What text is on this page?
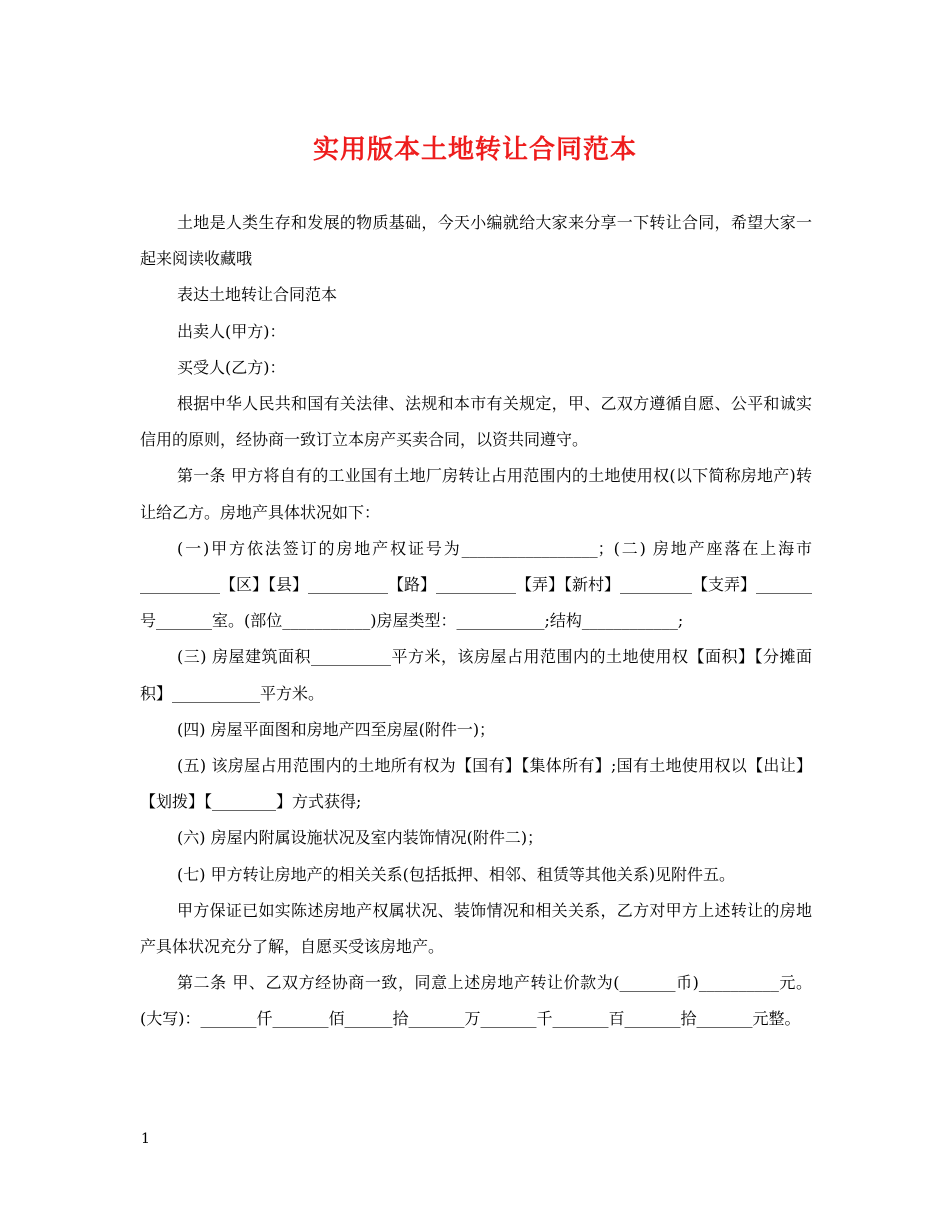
实用版本土地转让合同范本

土地是人类生存和发展的物质基础，今天小编就给大家来分享一下转让合同，希望大家一起来阅读收藏哦

表达土地转让合同范本

出卖人(甲方)：

买受人(乙方)：

根据中华人民共和国有关法律、法规和本市有关规定，甲、乙双方遵循自愿、公平和诚实信用的原则，经协商一致订立本房产买卖合同，以资共同遵守。

第一条 甲方将自有的工业国有土地厂房转让占用范围内的土地使用权(以下简称房地产)转让给乙方。房地产具体状况如下：

(一)甲方依法签订的房地产权证号为_________________；(二) 房地产座落在上海市__________【区】【县】__________【路】__________【弄】【新村】_________【支弄】_______号_______室。(部位___________)房屋类型：___________;结构____________;

(三) 房屋建筑面积__________平方米，该房屋占用范围内的土地使用权【面积】【分摊面积】___________平方米。

(四) 房屋平面图和房地产四至房屋(附件一)；

(五) 该房屋占用范围内的土地所有权为【国有】【集体所有】;国有土地使用权以【出让】【划拨】【________】方式获得;

(六) 房屋内附属设施状况及室内装饰情况(附件二)；

(七) 甲方转让房地产的相关关系(包括抵押、相邻、租赁等其他关系)见附件五。

甲方保证已如实陈述房地产权属状况、装饰情况和相关关系，乙方对甲方上述转让的房地产具体状况充分了解，自愿买受该房地产。

第二条 甲、乙双方经协商一致，同意上述房地产转让价款为(_______币)__________元。(大写)：_______仟_______佰______拾_______万_______千_______百_______拾_______元整。

1
